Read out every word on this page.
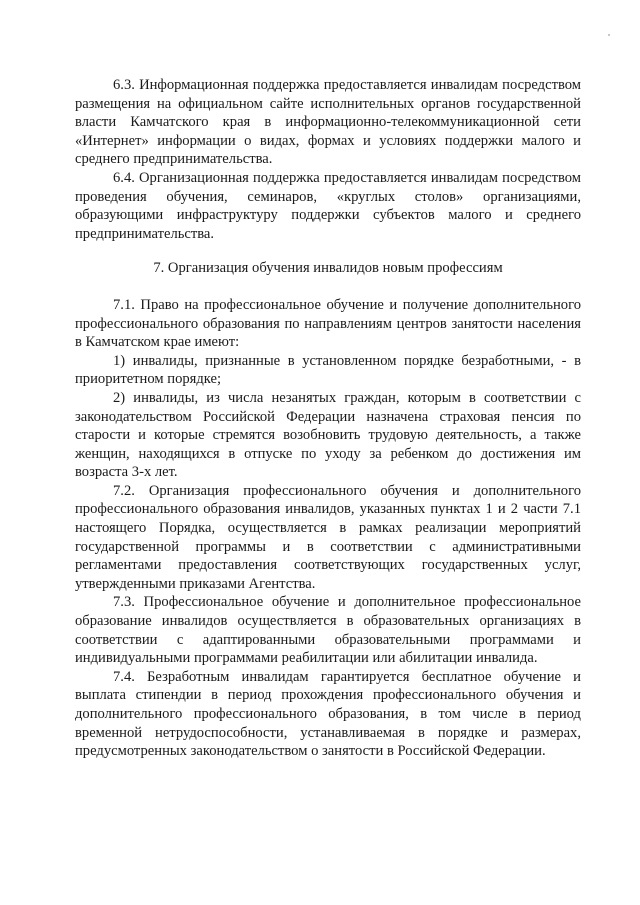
6.3. Информационная поддержка предоставляется инвалидам посредством размещения на официальном сайте исполнительных органов государственной власти Камчатского края в информационно-телекоммуникационной сети «Интернет» информации о видах, формах и условиях поддержки малого и среднего предпринимательства.

6.4. Организационная поддержка предоставляется инвалидам посредством проведения обучения, семинаров, «круглых столов» организациями, образующими инфраструктуру поддержки субъектов малого и среднего предпринимательства.

7. Организация обучения инвалидов новым профессиям

7.1. Право на профессиональное обучение и получение дополнительного профессионального образования по направлениям центров занятости населения в Камчатском крае имеют:

1) инвалиды, признанные в установленном порядке безработными, - в приоритетном порядке;

2) инвалиды, из числа незанятых граждан, которым в соответствии с законодательством Российской Федерации назначена страховая пенсия по старости и которые стремятся возобновить трудовую деятельность, а также женщин, находящихся в отпуске по уходу за ребенком до достижения им возраста 3-х лет.

7.2. Организация профессионального обучения и дополнительного профессионального образования инвалидов, указанных пунктах 1 и 2 части 7.1 настоящего Порядка, осуществляется в рамках реализации мероприятий государственной программы и в соответствии с административными регламентами предоставления соответствующих государственных услуг, утвержденными приказами Агентства.

7.3. Профессиональное обучение и дополнительное профессиональное образование инвалидов осуществляется в образовательных организациях в соответствии с адаптированными образовательными программами и индивидуальными программами реабилитации или абилитации инвалида.

7.4. Безработным инвалидам гарантируется бесплатное обучение и выплата стипендии в период прохождения профессионального обучения и дополнительного профессионального образования, в том числе в период временной нетрудоспособности, устанавливаемая в порядке и размерах, предусмотренных законодательством о занятости в Российской Федерации.
